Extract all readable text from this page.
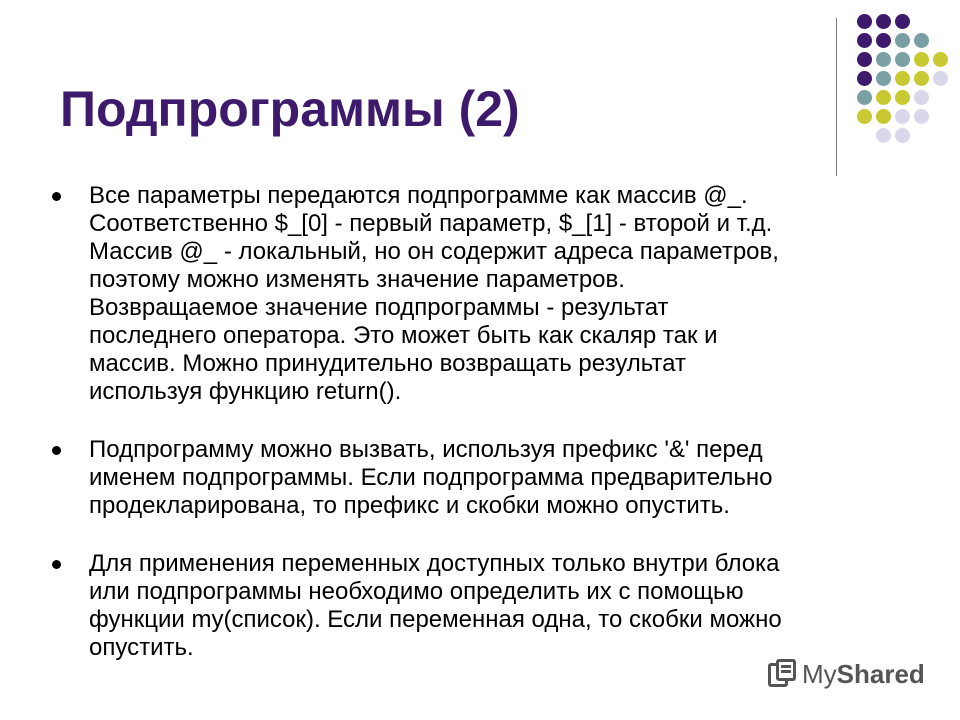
Подпрограммы (2)
Все параметры передаются подпрограмме как массив @_.
Соответственно $_[0] - первый параметр, $_[1] - второй и т.д.
Массив @_ - локальный, но он содержит адреса параметров,
поэтому можно изменять значение параметров.
Возвращаемое значение подпрограммы - результат
последнего оператора. Это может быть как скаляр так и
массив. Можно принудительно возвращать результат
используя функцию return().
Подпрограмму можно вызвать, используя префикс '&' перед
именем подпрограммы. Если подпрограмма предварительно
продекларирована, то префикс и скобки можно опустить.
Для применения переменных доступных только внутри блока
или подпрограммы необходимо определить их с помощью
функции my(список). Если переменная одна, то скобки можно
опустить.
MyShared
